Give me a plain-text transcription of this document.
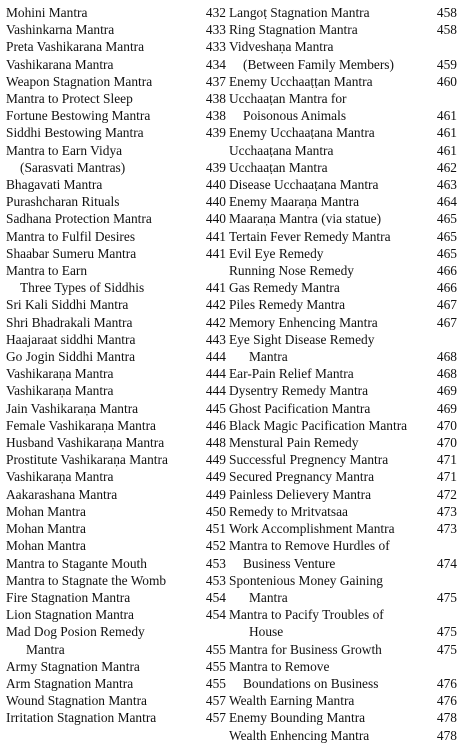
Mohini Mantra	432
Vashinkarna Mantra	433
Preta Vashikarana Mantra	433
Vashikarana Mantra	434
Weapon Stagnation Mantra	437
Mantra to Protect Sleep	438
Fortune Bestowing Mantra	438
Siddhi Bestowing Mantra	439
Mantra to Earn Vidya
(Sarasvati Mantras)	439
Bhagavati Mantra	440
Purashcharan Rituals	440
Sadhana Protection Mantra	440
Mantra to Fulfil Desires	441
Shaabar Sumeru Mantra	441
Mantra to Earn
Three Types of Siddhis	441
Sri Kali Siddhi Mantra	442
Shri Bhadrakali Mantra	442
Haajaraat siddhi Mantra	443
Go Jogin Siddhi Mantra	444
Vashikaraṇa Mantra	444
Vashikaraṇa Mantra	444
Jain Vashikaraṇa Mantra	445
Female Vashikaraṇa Mantra	446
Husband Vashikaraṇa Mantra	448
Prostitute Vashikaraṇa Mantra	449
Vashikaraṇa Mantra	449
Aakarashana Mantra	449
Mohan Mantra	450
Mohan Mantra	451
Mohan Mantra	452
Mantra to Stagante Mouth	453
Mantra to Stagnate the Womb	453
Fire Stagnation Mantra	454
Lion Stagnation Mantra	454
Mad Dog Posion Remedy
Mantra	455
Army Stagnation Mantra	455
Arm Stagnation Mantra	455
Wound Stagnation Mantra	457
Irritation Stagnation Mantra	457
Langoṭ Stagnation Mantra	458
Ring Stagnation Mantra	458
Vidveshaṇa Mantra
(Between Family Members)	459
Enemy Ucchaaṭṭan Mantra	460
Ucchaaṭan Mantra for
Poisonous Animals	461
Enemy Ucchaaṭana Mantra	461
Ucchaaṭana Mantra	461
Ucchaaṭan Mantra	462
Disease Ucchaaṭana Mantra	463
Enemy Maaraṇa Mantra	464
Maaraṇa Mantra (via statue)	465
Tertain Fever Remedy Mantra	465
Evil Eye Remedy	465
Running Nose Remedy	466
Gas Remedy Mantra	466
Piles Remedy Mantra	467
Memory Enhencing Mantra	467
Eye Sight Disease Remedy
Mantra	468
Ear-Pain Relief Mantra	468
Dysentry Remedy Mantra	469
Ghost Pacification Mantra	469
Black Magic Pacification Mantra 470
Menstural Pain Remedy	470
Successful Pregnency Mantra	471
Secured Pregnancy Mantra	471
Painless Delievery Mantra	472
Remedy to Mritvatsaa	473
Work Accomplishment Mantra	473
Mantra to Remove Hurdles of
Business Venture	474
Spontenious Money Gaining
Mantra	475
Mantra to Pacify Troubles of
House	475
Mantra for Business Growth	475
Mantra to Remove
Boundations on Business	476
Wealth Earning Mantra	476
Enemy Bounding Mantra	478
Wealth Enhencing Mantra	478
